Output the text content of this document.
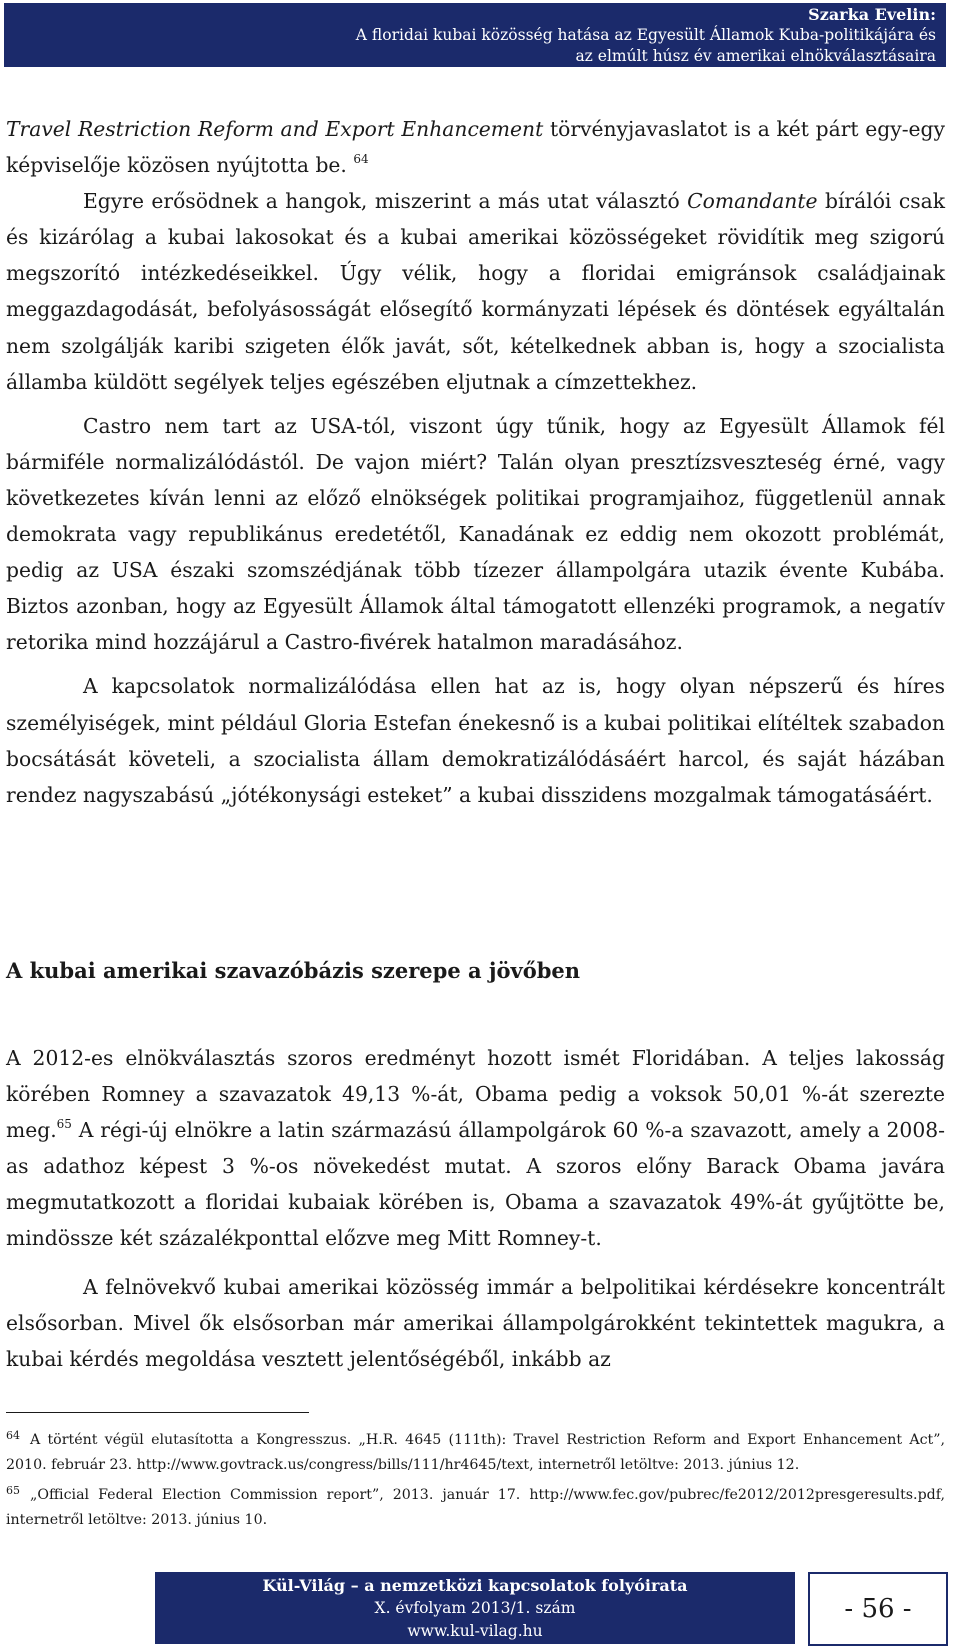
Szarka Evelin:
A floridai kubai közösség hatása az Egyesült Államok Kuba-politikájára és
az elmúlt húsz év amerikai elnökválasztásaira

Travel Restriction Reform and Export Enhancement törvényjavaslatot is a két párt egy-egy képviselője közösen nyújtotta be. $^{64}$

Egyre erősödnek a hangok, miszerint a más utat választó Comandante bírálói csak és kizárólag a kubai lakosokat és a kubai amerikai közösségeket rövidítik meg szigorú megszorító intézkedéseikkel. Úgy vélik, hogy a floridai emigránsok családjainak meggazdagodását, befolyásosságát elősegítő kormányzati lépések és döntések egyáltalán nem szolgálják karibi szigeten élők javát, sőt, kételkednek abban is, hogy a szocialista államba küldött segélyek teljes egészében eljutnak a címzettekhez.

Castro nem tart az USA-tól, viszont úgy tűnik, hogy az Egyesült Államok fél bármiféle normalizálódástól. De vajon miért? Talán olyan presztízsveszteség érné, vagy következetes kíván lenni az előző elnökségek politikai programjaihoz, függetlenül annak demokrata vagy republikánus eredetétől, Kanadának ez eddig nem okozott problémát, pedig az USA északi szomszédjának több tízezer állampolgára utazik évente Kubába. Biztos azonban, hogy az Egyesült Államok által támogatott ellenzéki programok, a negatív retorika mind hozzájárul a Castro-fivérek hatalmon maradásához.

A kapcsolatok normalizálódása ellen hat az is, hogy olyan népszerű és híres személyiségek, mint például Gloria Estefan énekesnő is a kubai politikai elítéltek szabadon bocsátását követeli, a szocialista állam demokratizálódásáért harcol, és saját házában rendez nagyszabású „jótékonysági esteket” a kubai disszidens mozgalmak támogatásáért.

A kubai amerikai szavazóbázis szerepe a jövőben

A 2012-es elnökválasztás szoros eredményt hozott ismét Floridában. A teljes lakosság körében Romney a szavazatok 49,13 %-át, Obama pedig a voksok 50,01 %-át szerezte meg.$^{65}$ A régi-új elnökre a latin származású állampolgárok 60 %-a szavazott, amely a 2008-as adathoz képest 3 %-os növekedést mutat. A szoros előny Barack Obama javára megmutatkozott a floridai kubaiak körében is, Obama a szavazatok 49%-át gyűjtötte be, mindössze két százalékponttal előzve meg Mitt Romney-t.

A felnövekvő kubai amerikai közösség immár a belpolitikai kérdésekre koncentrált elsősorban. Mivel ők elsősorban már amerikai állampolgárokként tekintettek magukra, a kubai kérdés megoldása vesztett jelentőségéből, inkább az

$^{64}$ A történt végül elutasította a Kongresszus. „H.R. 4645 (111th): Travel Restriction Reform and Export Enhancement Act”, 2010. február 23. http://www.govtrack.us/congress/bills/111/hr4645/text, internetről letöltve: 2013. június 12.

$^{65}$ „Official Federal Election Commission report”, 2013. január 17. http://www.fec.gov/pubrec/fe2012/2012presgeresults.pdf, internetről letöltve: 2013. június 10.

Kül-Világ – a nemzetközi kapcsolatok folyóirata
X. évfolyam 2013/1. szám
www.kul-vilag.hu
- 56 -
